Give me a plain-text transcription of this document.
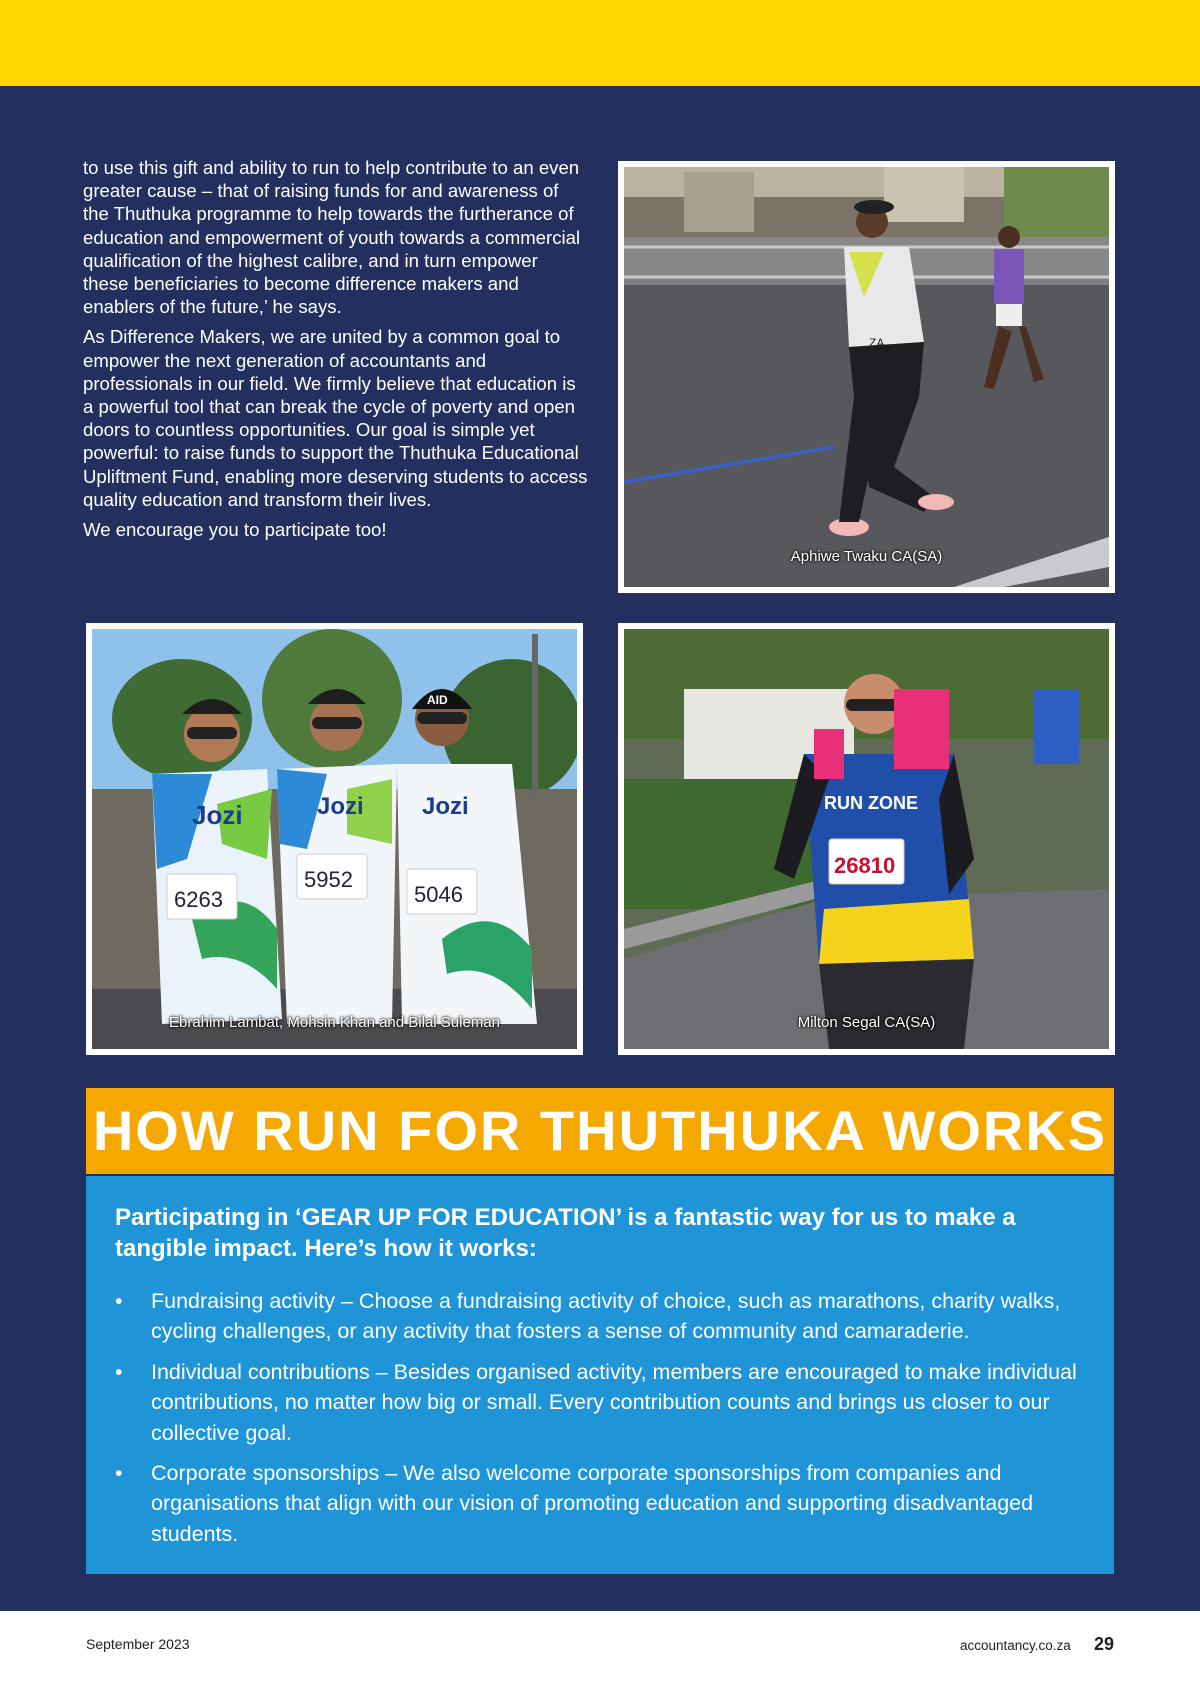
to use this gift and ability to run to help contribute to an even greater cause – that of raising funds for and awareness of the Thuthuka programme to help towards the furtherance of education and empowerment of youth towards a commercial qualification of the highest calibre, and in turn empower these beneficiaries to become difference makers and enablers of the future,’ he says.

As Difference Makers, we are united by a common goal to empower the next generation of accountants and professionals in our field. We firmly believe that education is a powerful tool that can break the cycle of poverty and open doors to countless opportunities. Our goal is simple yet powerful: to raise funds to support the Thuthuka Educational Upliftment Fund, enabling more deserving students to access quality education and transform their lives.

We encourage you to participate too!

ZA
Aphiwe Twaku CA(SA)
Jozi	Jozi Jozi
AID
6263
5952
5046
Ebrahim Lambat, Mohsin Khan and Bilal Suleman
RUN ZONE
26810
Milton Segal CA(SA)
HOW RUN FOR THUTHUKA WORKS

Participating in ‘GEAR UP FOR EDUCATION’ is a fantastic way for us to make a tangible impact. Here’s how it works:

• Fundraising activity – Choose a fundraising activity of choice, such as marathons, charity walks, cycling challenges, or any activity that fosters a sense of community and camaraderie.
• Individual contributions – Besides organised activity, members are encouraged to make individual contributions, no matter how big or small. Every contribution counts and brings us closer to our collective goal.
• Corporate sponsorships – We also welcome corporate sponsorships from companies and organisations that align with our vision of promoting education and supporting disadvantaged students.
September 2023	accountancy.co.za 29
